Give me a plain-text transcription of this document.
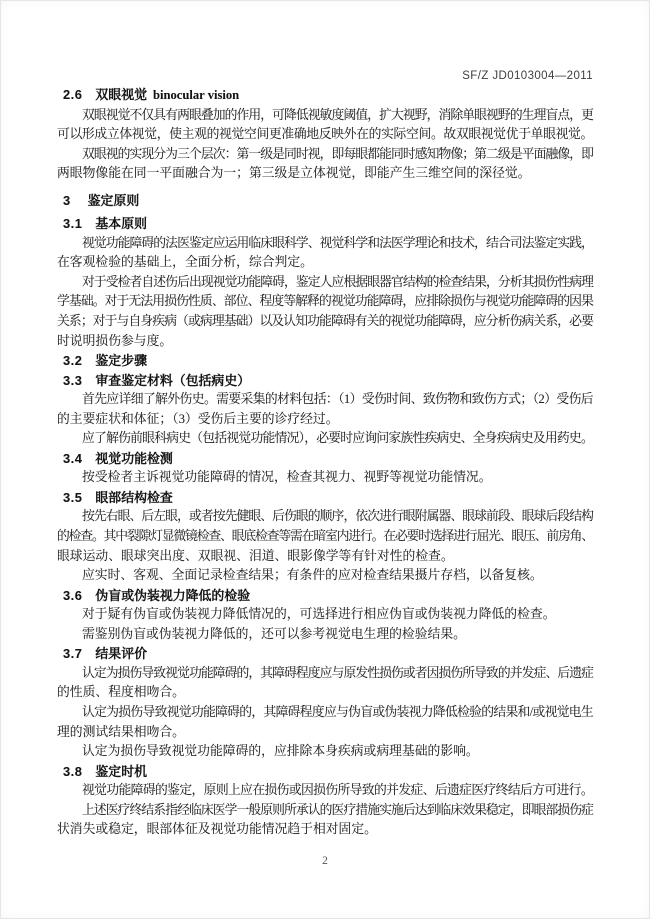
SF/Z JD0103004—2011
2.6 双眼视觉 binocular vision
双眼视觉不仅具有两眼叠加的作用，可降低视敏度阈值，扩大视野，消除单眼视野的生理盲点，更
可以形成立体视觉，使主观的视觉空间更准确地反映外在的实际空间。故双眼视觉优于单眼视觉。
双眼视的实现分为三个层次：第一级是同时视，即每眼都能同时感知物像；第二级是平面融像，即
两眼物像能在同一平面融合为一；第三级是立体视觉，即能产生三维空间的深径觉。
3 鉴定原则
3.1 基本原则
视觉功能障碍的法医鉴定应运用临床眼科学、视觉科学和法医学理论和技术，结合司法鉴定实践，
在客观检验的基础上，全面分析，综合判定。
对于受检者自述伤后出现视觉功能障碍，鉴定人应根据眼器官结构的检查结果，分析其损伤性病理
学基础。对于无法用损伤性质、部位、程度等解释的视觉功能障碍，应排除损伤与视觉功能障碍的因果
关系；对于与自身疾病（或病理基础）以及认知功能障碍有关的视觉功能障碍，应分析伤病关系，必要
时说明损伤参与度。
3.2 鉴定步骤
3.3 审查鉴定材料（包括病史）
首先应详细了解外伤史。需要采集的材料包括：（1）受伤时间、致伤物和致伤方式；（2）受伤后
的主要症状和体征；（3）受伤后主要的诊疗经过。
应了解伤前眼科病史（包括视觉功能情况），必要时应询问家族性疾病史、全身疾病史及用药史。
3.4 视觉功能检测
按受检者主诉视觉功能障碍的情况，检查其视力、视野等视觉功能情况。
3.5 眼部结构检查
按先右眼、后左眼，或者按先健眼、后伤眼的顺序，依次进行眼附属器、眼球前段、眼球后段结构
的检查。其中裂隙灯显微镜检查、眼底检查等需在暗室内进行。在必要时选择进行屈光、眼压、前房角、
眼球运动、眼球突出度、双眼视、泪道、眼影像学等有针对性的检查。
应实时、客观、全面记录检查结果；有条件的应对检查结果摄片存档，以备复核。
3.6 伪盲或伪装视力降低的检验
对于疑有伪盲或伪装视力降低情况的，可选择进行相应伪盲或伪装视力降低的检查。
需鉴别伪盲或伪装视力降低的，还可以参考视觉电生理的检验结果。
3.7 结果评价
认定为损伤导致视觉功能障碍的，其障碍程度应与原发性损伤或者因损伤所导致的并发症、后遗症
的性质、程度相吻合。
认定为损伤导致视觉功能障碍的，其障碍程度应与伪盲或伪装视力降低检验的结果和/或视觉电生
理的测试结果相吻合。
认定为损伤导致视觉功能障碍的，应排除本身疾病或病理基础的影响。
3.8 鉴定时机
视觉功能障碍的鉴定，原则上应在损伤或因损伤所导致的并发症、后遗症医疗终结后方可进行。
上述医疗终结系指经临床医学一般原则所承认的医疗措施实施后达到临床效果稳定，即眼部损伤症
状消失或稳定，眼部体征及视觉功能情况趋于相对固定。
2
